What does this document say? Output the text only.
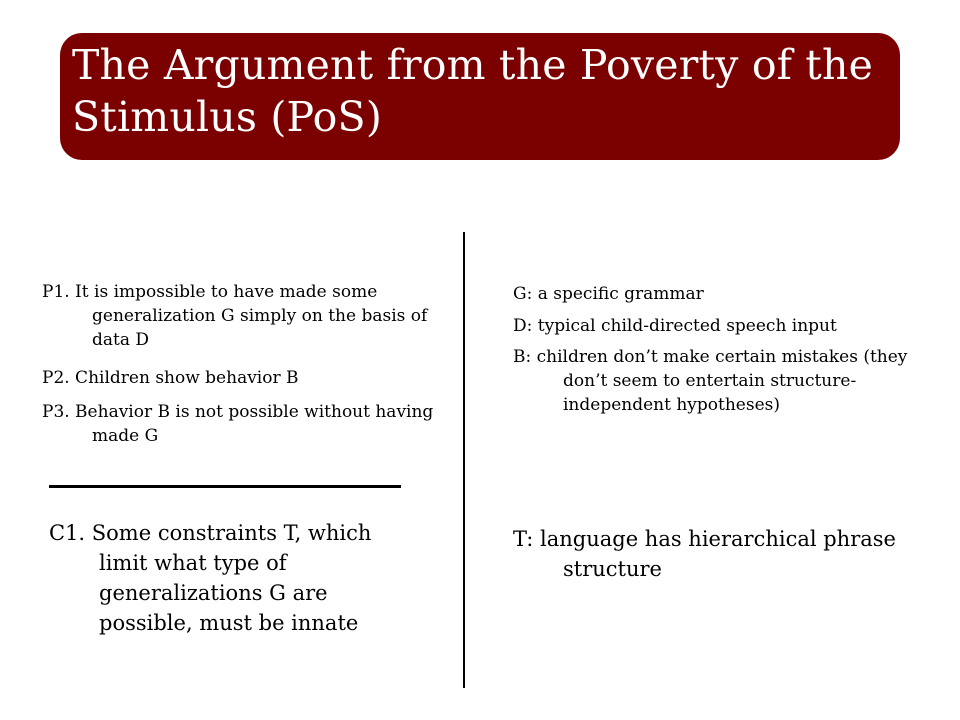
The Argument from the Poverty of the Stimulus (PoS)

P1. It is impossible to have made some generalization G simply on the basis of data D

P2. Children show behavior B

P3. Behavior B is not possible without having made G

C1. Some constraints T, which limit what type of generalizations G are possible, must be innate

G: a specific grammar

D: typical child-directed speech input

B: children don’t make certain mistakes (they don’t seem to entertain structure-independent hypotheses)

T: language has hierarchical phrase structure
